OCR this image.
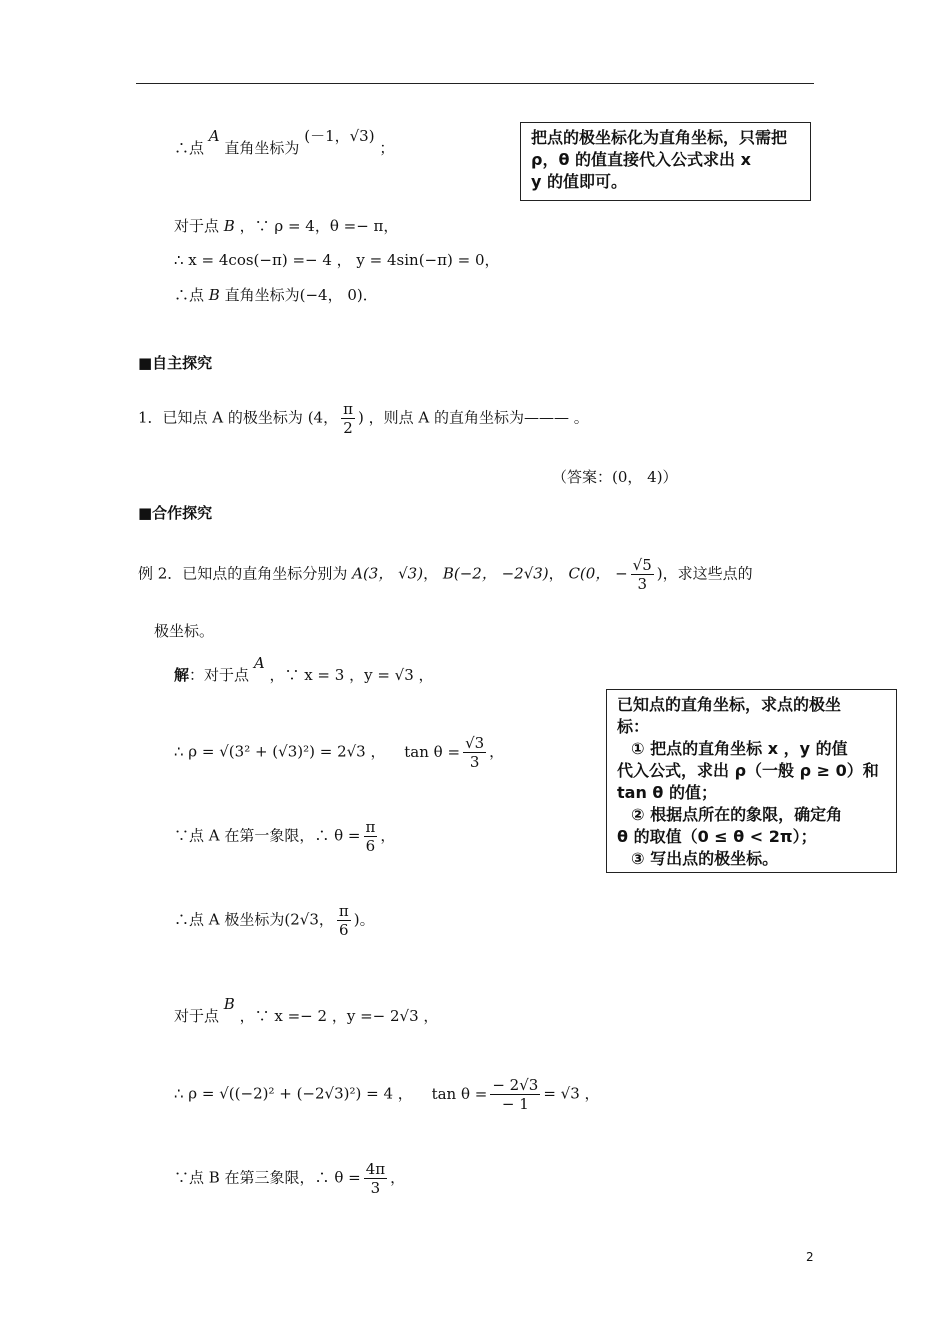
∴点 A 直角坐标为 (－1，√3) ；
把点的极坐标化为直角坐标，只需把
ρ，θ 的值直接代入公式求出 x
y 的值即可。
对于点 B ，∵ ρ = 4，θ =− π，
∴ x = 4cos(−π) =− 4 ， y = 4sin(−π) = 0，
∴点 B 直角坐标为(−4， 0)．
■自主探究
1．已知点 A 的极坐标为 (4， $\frac{\pi}{2}$ ) ，则点 A 的直角坐标为——— 。
（答案：(0， 4)）
■合作探究
例 2．已知点的直角坐标分别为 A(3， √3)， B(−2， −2√3)， C(0， − $\frac{√5}{3}$ )，求这些点的
极坐标。
解：对于点 A ，∵ x = 3 ，y = √3 ，
∴ ρ = √(3² + (√3)²) = 2√3 ， $\tan \theta = \frac{√3}{3}$ ，
∵点 A 在第一象限，∴ $\theta = \frac{\pi}{6}$ ，
∴点 A 极坐标为(2√3， $\frac{\pi}{6}$ )。
已知点的直角坐标，求点的极坐
标：
① 把点的直角坐标 x ，y 的值
代入公式，求出 ρ（一般 ρ ≥ 0）和
tan θ 的值；
② 根据点所在的象限，确定角
θ 的取值（0 ≤ θ < 2π）；
③ 写出点的极坐标。
对于点 B ，∵ x =− 2 ，y =− 2√3 ，
∴ ρ = √((−2)² + (−2√3)²) = 4 ， $\tan \theta = \frac{- 2√3}{- 1} = √3$ ，
∵点 B 在第三象限，∴ $\theta = \frac{4\pi}{3}$ ，
2
